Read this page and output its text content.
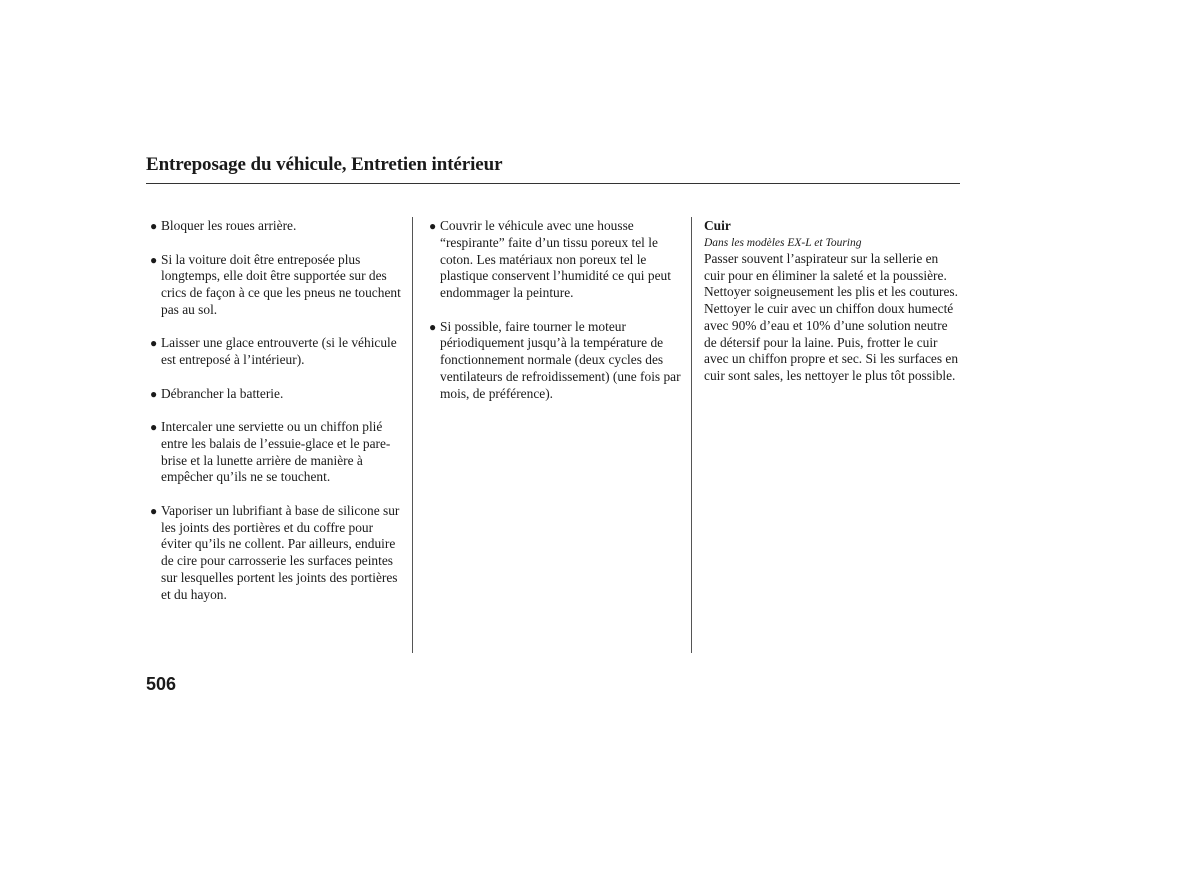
Entreposage du véhicule, Entretien intérieur
● Bloquer les roues arrière.
● Si la voiture doit être entreposée plus longtemps, elle doit être supportée sur des crics de façon à ce que les pneus ne touchent pas au sol.
● Laisser une glace entrouverte (si le véhicule est entreposé à l’intérieur).
● Débrancher la batterie.
● Intercaler une serviette ou un chiffon plié entre les balais de l’essuie-glace et le pare-brise et la lunette arrière de manière à empêcher qu’ils ne se touchent.
● Vaporiser un lubrifiant à base de silicone sur les joints des portières et du coffre pour éviter qu’ils ne collent. Par ailleurs, enduire de cire pour carrosserie les surfaces peintes sur lesquelles portent les joints des portières et du hayon.
● Couvrir le véhicule avec une housse “respirante” faite d’un tissu poreux tel le coton. Les matériaux non poreux tel le plastique conservent l’humidité ce qui peut endommager la peinture.
● Si possible, faire tourner le moteur périodiquement jusqu’à la température de fonctionnement normale (deux cycles des ventilateurs de refroidissement) (une fois par mois, de préférence).
Cuir
Dans les modèles EX-L et Touring

Passer souvent l’aspirateur sur la sellerie en cuir pour en éliminer la saleté et la poussière. Nettoyer soigneusement les plis et les coutures. Nettoyer le cuir avec un chiffon doux humecté avec 90% d’eau et 10% d’une solution neutre de détersif pour la laine. Puis, frotter le cuir avec un chiffon propre et sec. Si les surfaces en cuir sont sales, les nettoyer le plus tôt possible.

506
